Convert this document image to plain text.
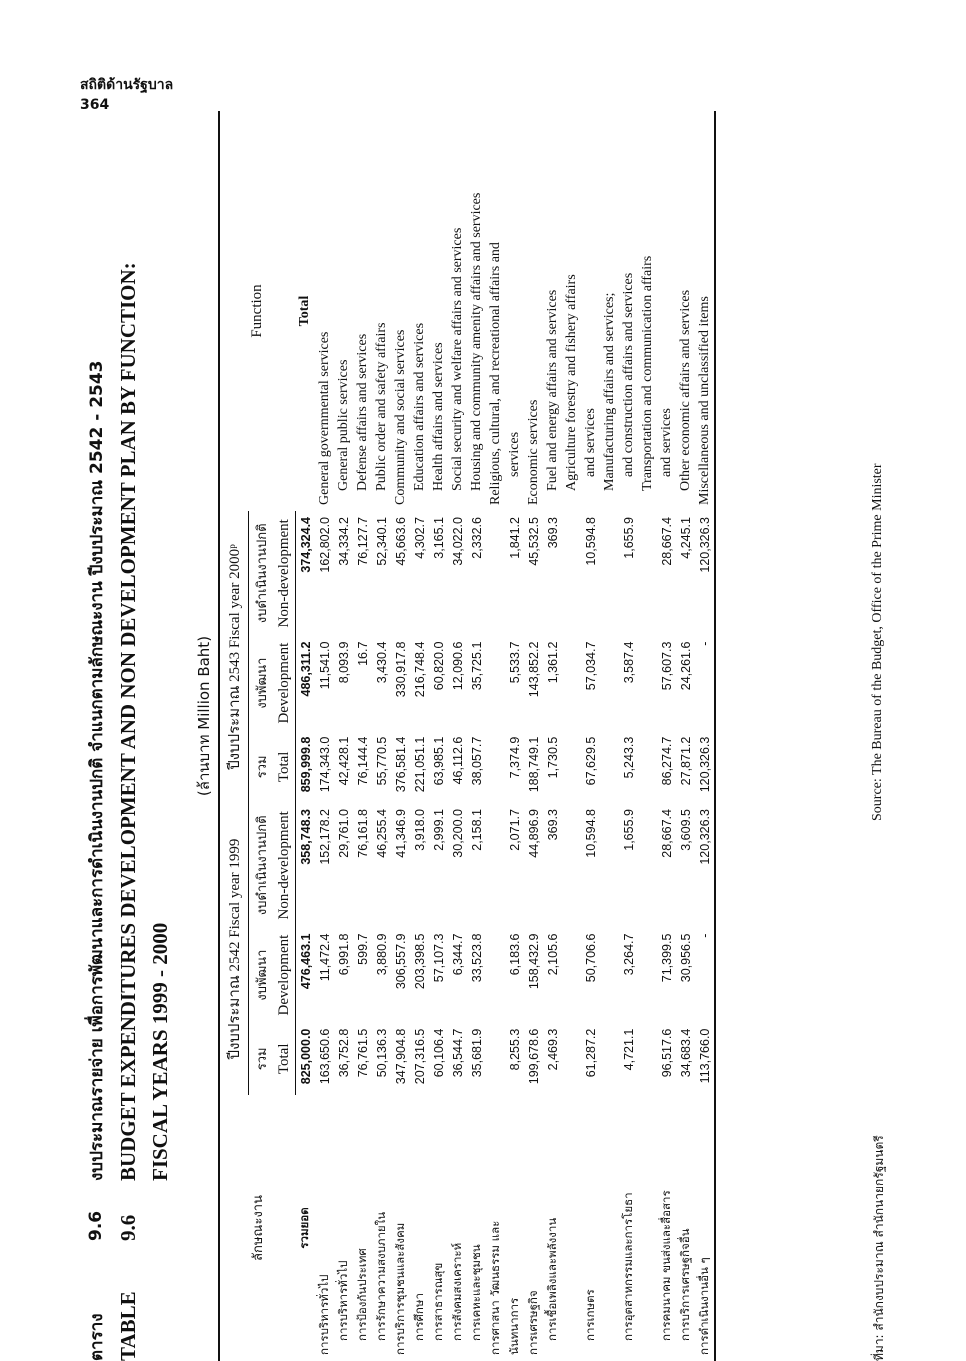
สถิติด้านรัฐบาล
364
ตาราง
9.6
งบประมาณรายจ่าย เพื่อการพัฒนาและการดำเนินงานปกติ จำแนกตามลักษณะงาน ปีงบประมาณ 2542 - 2543
TABLE
9.6
BUDGET EXPENDITURES DEVELOPMENT AND NON DEVELOPMENT PLAN BY FUNCTION: FISCAL YEARS 1999 - 2000
(ล้านบาท Million Baht)
ลักษณะงาน	ปีงบประมาณ 2542 Fiscal year 1999			ปีงบประมาณ 2543 Fiscal year 2000ᵖ			Function
	รวม	งบพัฒนา	งบดำเนินงานปกติ	รวม	งบพัฒนา	งบดำเนินงานปกติ	
	Total	Development	Non-development	Total	Development	Non-development	
รวมยอด	825,000.0	476,463.1	358,748.3	859,999.8	486,311.2	374,324.4	Total
การบริหารทั่วไป	163,650.6	11,472.4	152,178.2	174,343.0	11,541.0	162,802.0	General governmental services
การบริหารทั่วไป	36,752.8	6,991.8	29,761.0	42,428.1	8,093.9	34,334.2	General public services
การป้องกันประเทศ	76,761.5	599.7	76,161.8	76,144.4	16.7	76,127.7	Defense affairs and services
การรักษาความสงบภายใน	50,136.3	3,880.9	46,255.4	55,770.5	3,430.4	52,340.1	Public order and safety affairs
การบริการชุมชนและสังคม	347,904.8	306,557.9	41,346.9	376,581.4	330,917.8	45,663.6	Community and social services
การศึกษา	207,316.5	203,398.5	3,918.0	221,051.1	216,748.4	4,302.7	Education affairs and services
การสาธารณสุข	60,106.4	57,107.3	2,999.1	63,985.1	60,820.0	3,165.1	Health affairs and services
การสังคมสงเคราะห์	36,544.7	6,344.7	30,200.0	46,112.6	12,090.6	34,022.0	Social security and welfare affairs and services
การเคหะและชุมชน	35,681.9	33,523.8	2,158.1	38,057.7	35,725.1	2,332.6	Housing and community amenity affairs and services
การศาสนา วัฒนธรรม และ							Religious, cultural, and recreational affairs and
นันทนาการ	8,255.3	6,183.6	2,071.7	7,374.9	5,533.7	1,841.2	services
การเศรษฐกิจ	199,678.6	158,432.9	44,896.9	188,749.1	143,852.2	45,532.5	Economic services
การเชื้อเพลิงและพลังงาน	2,469.3	2,105.6	369.3	1,730.5	1,361.2	369.3	Fuel and energy affairs and services
							Agriculture forestry and fishery affairs
การเกษตร	61,287.2	50,706.6	10,594.8	67,629.5	57,034.7	10,594.8	and services
							Manufacturing affairs and services;
การอุตสาหกรรมและการโยธา	4,721.1	3,264.7	1,655.9	5,243.3	3,587.4	1,655.9	and construction affairs and services
							Transportation and communication affairs
การคมนาคม ขนส่งและสื่อสาร	96,517.6	71,399.5	28,667.4	86,274.7	57,607.3	28,667.4	and services
การบริการเศรษฐกิจอื่น	34,683.4	30,956.5	3,609.5	27,871.2	24,261.6	4,245.1	Other economic affairs and services
การดำเนินงานอื่น ๆ	113,766.0	-	120,326.3	120,326.3	-	120,326.3	Miscellaneous and unclassified items
ที่มา: สำนักงบประมาณ สำนักนายกรัฐมนตรี
Source: The Bureau of the Budget, Office of the Prime Minister
